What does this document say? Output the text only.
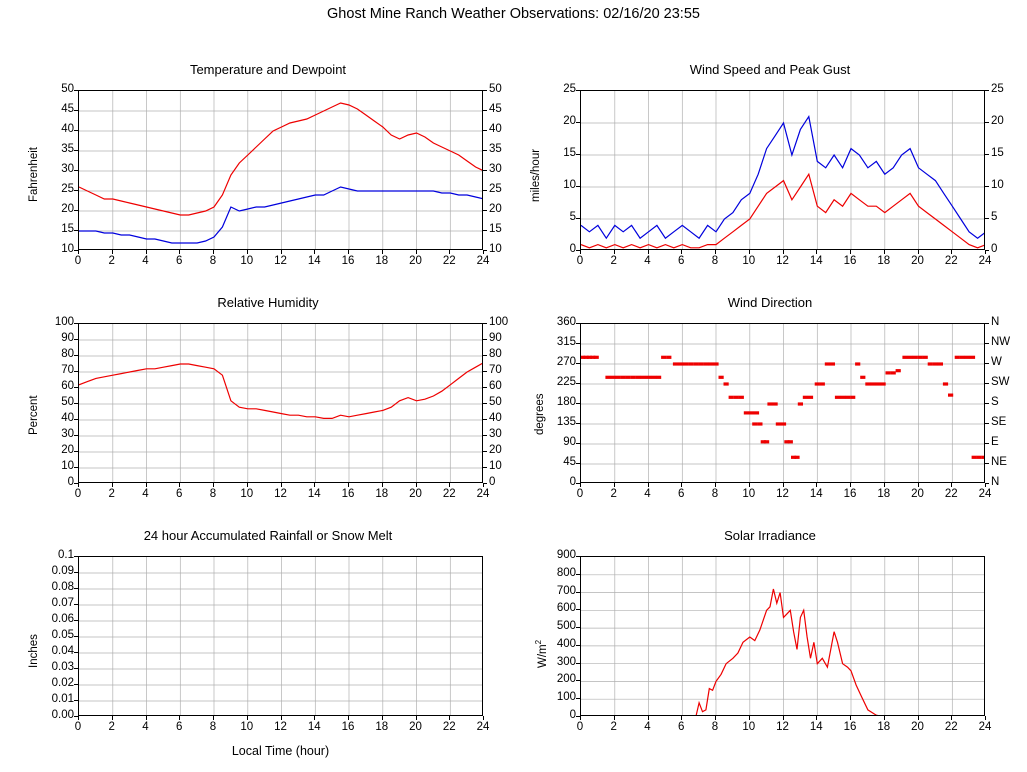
Ghost Mine Ranch Weather Observations: 02/16/20 23:55
Temperature and Dewpoint
10
15
20
25
30
35
40
45
50
10
15
20
25
30
35
40
45
50
0	2	4	6	8	10	12	14	16	18	20	22	24
Fahrenheit
Wind Speed and Peak Gust
0
5
10
15
20
25
0
5
10
15
20
25
0	2	4	6	8	10	12	14	16	18	20	22	24
miles/hour
Relative Humidity
0
10
20
30
40
50
60
70
80
90
100
0
10
20
30
40
50
60
70
80
90
100
0	2	4	6	8	10	12	14	16	18	20	22	24
Percent
Wind Direction
0
45
90
135
180
225
270
315
360
N
NE
E
SE
S
SW
W
NW
N
0	2	4	6	8	10	12	14	16	18	20	22	24
degrees
24 hour Accumulated Rainfall or Snow Melt
0.00
0.01
0.02
0.03
0.04
0.05
0.06
0.07
0.08
0.09
0.1
0	2	4	6	8	10	12	14	16	18	20	22	24
Inches
Local Time (hour)
Solar Irradiance
0
100
200
300
400
500
600
700
800
900
0	2	4	6	8	10	12	14	16	18	20	22	24
$W/m^2$
